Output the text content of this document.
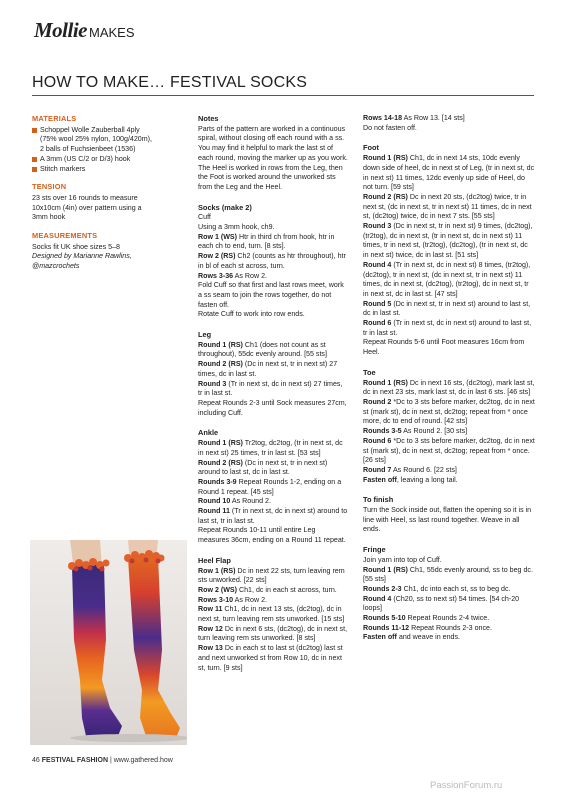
Mollie MAKES
HOW TO MAKE… FESTIVAL SOCKS
MATERIALS
Schoppel Wolle Zauberball 4ply (75% wool 25% nylon, 100g/420m), 2 balls of Fuchsienbeet (1536)
A 3mm (US C/2 or D/3) hook
Stitch markers
TENSION

23 sts over 16 rounds to measure 10x10cm (4in) over pattern using a 3mm hook

MEASUREMENTS

Socks fit UK shoe sizes 5–8

Designed by Marianne Rawlins, @mazcrochets

Notes

Parts of the pattern are worked in a continuous spiral, without closing off each round with a ss. You may find it helpful to mark the last st of each round, moving the marker up as you work.

The Heel is worked in rows from the Leg, then the Foot is worked around the unworked sts from the Leg and the Heel.

Socks (make 2)

Cuff

Using a 3mm hook, ch9.

Row 1 (WS) Htr in third ch from hook, htr in each ch to end, turn. [8 sts].

Row 2 (RS) Ch2 (counts as htr throughout), htr in bl of each st across, turn.

Rows 3-36 As Row 2.

Fold Cuff so that first and last rows meet, work a ss seam to join the rows together, do not fasten off.

Rotate Cuff to work into row ends.

Leg

Round 1 (RS) Ch1 (does not count as st throughout), 55dc evenly around. [55 sts]

Round 2 (RS) (Dc in next st, tr in next st) 27 times, dc in last st.

Round 3 (Tr in next st, dc in next st) 27 times, tr in last st.

Repeat Rounds 2-3 until Sock measures 27cm, including Cuff.

Ankle

Round 1 (RS) Tr2tog, dc2tog, (tr in next st, dc in next st) 25 times, tr in last st. [53 sts]

Round 2 (RS) (Dc in next st, tr in next st) around to last st, dc in last st.

Rounds 3-9 Repeat Rounds 1-2, ending on a Round 1 repeat. [45 sts]

Round 10 As Round 2.

Round 11 (Tr in next st, dc in next st) around to last st, tr in last st.

Repeat Rounds 10-11 until entire Leg measures 36cm, ending on a Round 11 repeat.

Heel Flap

Row 1 (RS) Dc in next 22 sts, turn leaving rem sts unworked. [22 sts]

Row 2 (WS) Ch1, dc in each st across, turn.

Rows 3-10 As Row 2.

Row 11 Ch1, dc in next 13 sts, (dc2tog), dc in next st, turn leaving rem sts unworked. [15 sts]

Row 12 Dc in next 6 sts, (dc2tog), dc in next st, turn leaving rem sts unworked. [8 sts]

Row 13 Dc in each st to last st (dc2tog) last st and next unworked st from Row 10, dc in next st, turn. [9 sts]

Rows 14-18 As Row 13. [14 sts]

Do not fasten off.

Foot

Round 1 (RS) Ch1, dc in next 14 sts, 10dc evenly down side of heel, dc in next st of Leg, (tr in next st, dc in next st) 11 times, 12dc evenly up side of Heel, do not turn. [59 sts]

Round 2 (RS) Dc in next 20 sts, (dc2tog) twice, tr in next st, (dc in next st, tr in next st) 11 times, dc in next st, (dc2tog) twice, dc in next 7 sts. [55 sts]

Round 3 (Dc in next st, tr in next st) 9 times, (dc2tog), (tr2tog), dc in next st, (tr in next st, dc in next st) 11 times, tr in next st, (tr2tog), (dc2tog), (tr in next st, dc in next st) twice, dc in last st. [51 sts]

Round 4 (Tr in next st, dc in next st) 8 times, (tr2tog), (dc2tog), tr in next st, (dc in next st, tr in next st) 11 times, dc in next st, (dc2tog), (tr2tog), dc in next st, tr in next st, dc in last st. [47 sts]

Round 5 (Dc in next st, tr in next st) around to last st, dc in last st.

Round 6 (Tr in next st, dc in next st) around to last st, tr in last st.

Repeat Rounds 5-6 until Foot measures 16cm from Heel.

Toe

Round 1 (RS) Dc in next 16 sts, (dc2tog), mark last st, dc in next 23 sts, mark last st, dc in last 6 sts. [46 sts]

Round 2 *Dc to 3 sts before marker, dc2tog, dc in next st (mark st), dc in next st, dc2tog; repeat from * once more, dc to end of round. [42 sts]

Rounds 3-5 As Round 2. [30 sts]

Round 6 *Dc to 3 sts before marker, dc2tog, dc in next st (mark st), dc in next st, dc2tog; repeat from * once. [26 sts]

Round 7 As Round 6. [22 sts]

Fasten off, leaving a long tail.

To finish

Turn the Sock inside out, flatten the opening so it is in line with Heel, ss last round together. Weave in all ends.

Fringe

Join yarn into top of Cuff.

Round 1 (RS) Ch1, 55dc evenly around, ss to beg dc. [55 sts]

Rounds 2-3 Ch1, dc into each st, ss to beg dc.

Round 4 (Ch20, ss to next st) 54 times. [54 ch-20 loops]

Rounds 5-10 Repeat Rounds 2-4 twice.

Rounds 11-12 Repeat Rounds 2-3 once.

Fasten off and weave in ends.

46 FESTIVAL FASHION | www.gathered.how
PassionForum.ru
